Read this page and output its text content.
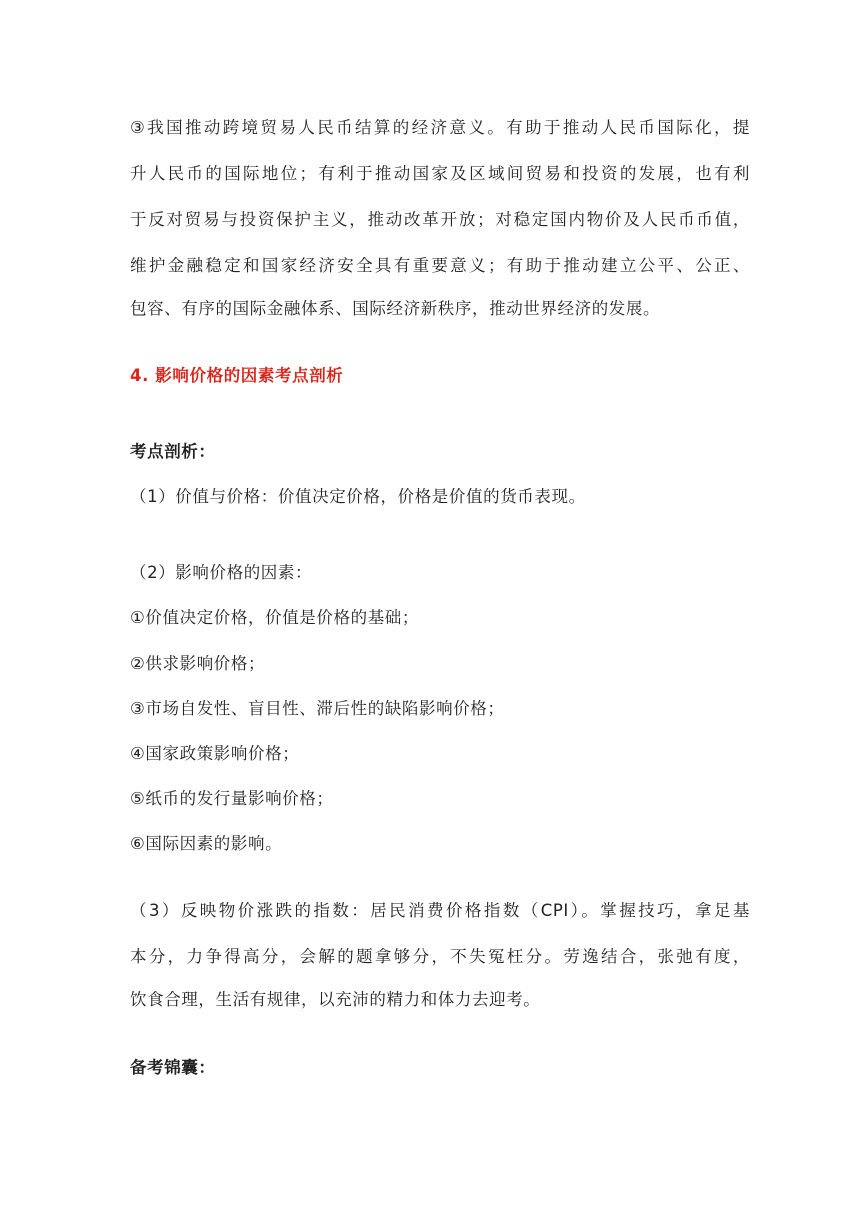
③我国推动跨境贸易人民币结算的经济意义。有助于推动人民币国际化，提
升人民币的国际地位；有利于推动国家及区域间贸易和投资的发展，也有利
于反对贸易与投资保护主义，推动改革开放；对稳定国内物价及人民币币值，
维护金融稳定和国家经济安全具有重要意义；有助于推动建立公平、公正、
包容、有序的国际金融体系、国际经济新秩序，推动世界经济的发展。
4. 影响价格的因素考点剖析
考点剖析：
（1）价值与价格：价值决定价格，价格是价值的货币表现。
（2）影响价格的因素：
①价值决定价格，价值是价格的基础；
②供求影响价格；
③市场自发性、盲目性、滞后性的缺陷影响价格；
④国家政策影响价格；
⑤纸币的发行量影响价格；
⑥国际因素的影响。
（3）反映物价涨跌的指数：居民消费价格指数（CPI）。掌握技巧，拿足基
本分，力争得高分，会解的题拿够分，不失冤枉分。劳逸结合，张弛有度，
饮食合理，生活有规律，以充沛的精力和体力去迎考。
备考锦囊：
